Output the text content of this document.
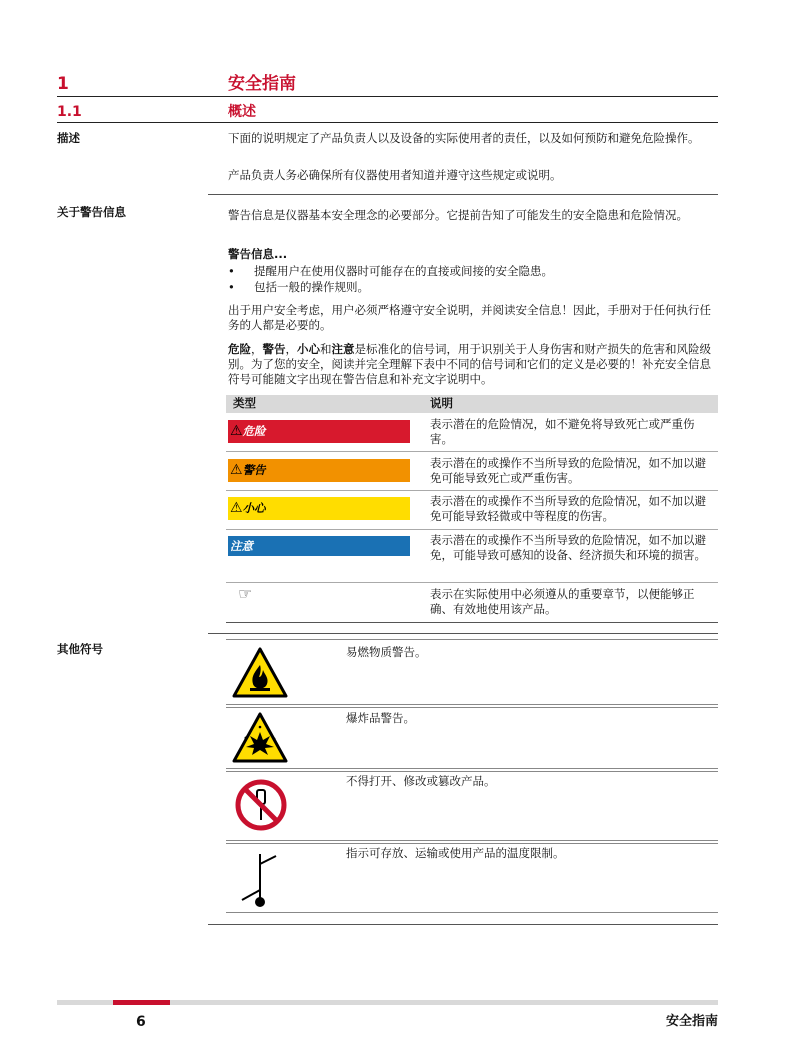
1	安全指南
1.1	概述
描述	下面的说明规定了产品负责人以及设备的实际使用者的责任，以及如何预防和避免危险操作。
产品负责人务必确保所有仪器使用者知道并遵守这些规定或说明。
关于警告信息	警告信息是仪器基本安全理念的必要部分。它提前告知了可能发生的安全隐患和危险情况。
警告信息...
• 提醒用户在使用仪器时可能存在的直接或间接的安全隐患。
• 包括一般的操作规则。
出于用户安全考虑，用户必须严格遵守安全说明，并阅读安全信息！因此，手册对于任何执行任务的人都是必要的。
危险，警告，小心和注意是标准化的信号词，用于识别关于人身伤害和财产损失的危害和风险级别。为了您的安全，阅读并完全理解下表中不同的信号词和它们的定义是必要的！补充安全信息符号可能随文字出现在警告信息和补充文字说明中。
类型	说明
⚠危险	表示潜在的危险情况，如不避免将导致死亡或严重伤害。
⚠警告	表示潜在的或操作不当所导致的危险情况，如不加以避免可能导致死亡或严重伤害。
⚠小心	表示潜在的或操作不当所导致的危险情况，如不加以避免可能导致轻微或中等程度的伤害。
注意	表示潜在的或操作不当所导致的危险情况，如不加以避免，可能导致可感知的设备、经济损失和环境的损害。
☞	表示在实际使用中必须遵从的重要章节，以便能够正确、有效地使用该产品。
其他符号	易燃物质警告。
爆炸品警告。
不得打开、修改或篡改产品。
指示可存放、运输或使用产品的温度限制。
6	安全指南
